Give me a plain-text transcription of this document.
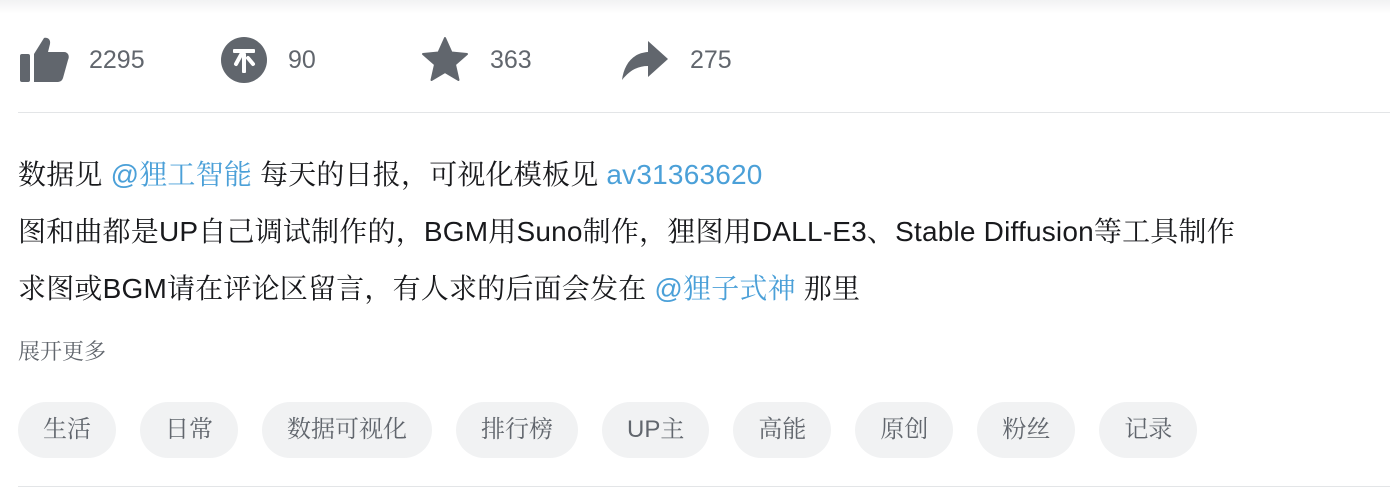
2295	90	363	275
数据见 @狸工智能 每天的日报，可视化模板见 av31363620
图和曲都是UP自己调试制作的，BGM用Suno制作，狸图用DALL-E3、Stable Diffusion等工具制作
求图或BGM请在评论区留言，有人求的后面会发在 @狸子式神 那里
展开更多
生活	日常	数据可视化	排行榜	UP主	高能	原创	粉丝	记录
